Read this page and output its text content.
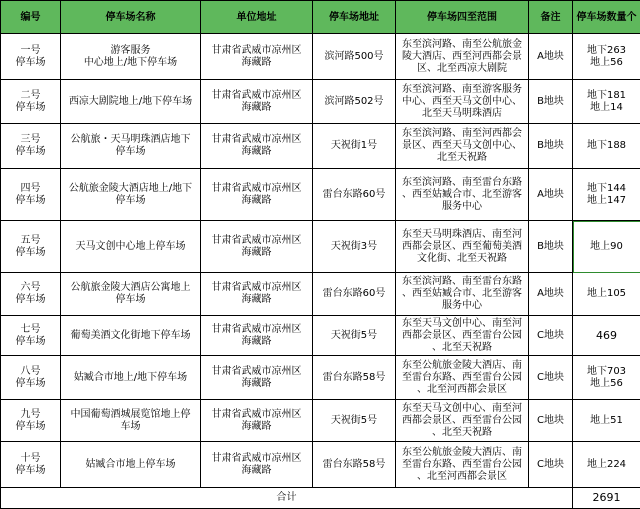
编号	停车场名称	单位地址	停车场地址	停车场四至范围	备注	停车场数量个

一号
停车场	游客服务
中心地上/地下停车场	甘肃省武威市凉州区
海藏路	滨河路500号	东至滨河路、南至公航旅金
陵大酒店、西至河西都会景
区、北至西凉大剧院	A地块	地下263
地上56

二号
停车场	西凉大剧院地上/地下停车场	甘肃省武威市凉州区
海藏路	滨河路502号	东至滨河路、南至游客服务
中心、西至天马文创中心、
北至天马明珠酒店	B地块	地下181
地上14

三号
停车场	公航旅・天马明珠酒店地下
停车场	甘肃省武威市凉州区
海藏路	天祝街1号	东至滨河路、南至河西都会
景区、西至天马文创中心、
北至天祝路	B地块	地下188

四号
停车场	公航旅金陵大酒店地上/地下
停车场	甘肃省武威市凉州区
海藏路	雷台东路60号	东至滨河路、南至雷台东路
、西至姑臧合市、北至游客
服务中心	A地块	地下144
地上147

五号
停车场	天马文创中心地上停车场	甘肃省武威市凉州区
海藏路	天祝街3号	东至天马明珠酒店、南至河
西都会景区、西至葡萄美酒
文化街、北至天祝路	B地块	地上90

六号
停车场	公航旅金陵大酒店公寓地上
停车场	甘肃省武威市凉州区
海藏路	雷台东路60号	东至滨河路、南至雷台东路
、西至姑臧合市、北至游客
服务中心	A地块	地上105

七号
停车场	葡萄美酒文化街地下停车场	甘肃省武威市凉州区
海藏路	天祝街5号	东至天马文创中心、南至河
西都会景区、西至雷台公园
、北至天祝路	C地块	469

八号
停车场	姑臧合市地上/地下停车场	甘肃省武威市凉州区
海藏路	雷台东路58号	东至公航旅金陵大酒店、南
至雷台东路、西至雷台公园
、北至河西都会景区	C地块	地下703
地上56

九号
停车场	中国葡萄酒城展览馆地上停
车场	甘肃省武威市凉州区
海藏路	天祝街5号	东至天马文创中心、南至河
西都会景区、西至雷台公园
、北至天祝路	C地块	地上51

十号
停车场	姑臧合市地上停车场	甘肃省武威市凉州区
海藏路	雷台东路58号	东至公航旅金陵大酒店、南
至雷台东路、西至雷台公园
、北至河西都会景区	C地块	地上224

合计						2691
